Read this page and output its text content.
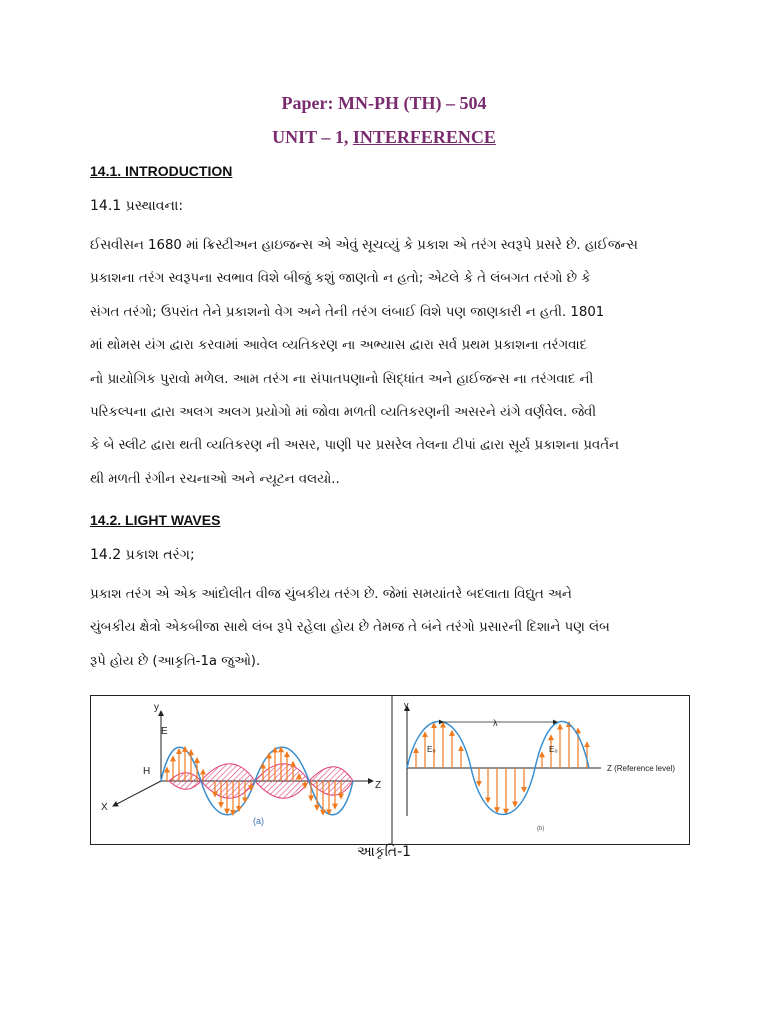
Paper: MN-PH (TH) – 504
UNIT – 1, INTERFERENCE
14.1. INTRODUCTION
14.1 પ્રસ્થાવના:
ઈસવીસન 1680 માં ક્રિસ્ટીઅન હાઇજન્સ એ એવું સૂચવ્યું કે પ્રકાશ એ તરંગ સ્વરૂપે પ્રસરે છે. હાઈજન્સ
પ્રકાશના તરંગ સ્વરૂપના સ્વભાવ વિશે બીજું કશું જાણતો ન હતો; એટલે કે તે લંબગત તરંગો છે કે
સંગત તરંગો; ઉપરાંત તેને પ્રકાશનો વેગ અને તેની તરંગ લંબાઈ વિશે પણ જાણકારી ન હતી. 1801
માં થોમસ યંગ દ્વારા કરવામાં આવેલ વ્યતિકરણ ના અભ્યાસ દ્વારા સર્વ પ્રથમ પ્રકાશના તરંગવાદ
નો પ્રાયોગિક પુરાવો મળેલ. આમ તરંગ ના સંપાતપણાનો સિદ્ધાંત અને હાઈજન્સ ના તરંગવાદ ની
પરિકલ્પના દ્વારા અલગ અલગ પ્રયોગો માં જોવા મળતી વ્યતિકરણની અસરને યંગે વર્ણવેલ. જેવી
કે બે સ્લીટ દ્વારા થતી વ્યતિકરણ ની અસર, પાણી પર પ્રસરેલ તેલના ટીપાં દ્વારા સૂર્ય પ્રકાશના પ્રવર્તન
થી મળતી રંગીન રચનાઓ અને ન્યૂટન વલયો..
14.2. LIGHT WAVES
14.2 પ્રકાશ તરંગ;
પ્રકાશ તરંગ એ એક આંદોલીત વીજ ચુંબકીય તરંગ છે. જેમાં સમયાંતરે બદલાતા વિદ્યુત અને
ચુંબકીય ક્ષેત્રો એકબીજા સાથે લંબ રૂપે રહેલા હોય છે તેમજ તે બંને તરંગો પ્રસારની દિશાને પણ લંબ
રૂપે હોય છે (આકૃતિ-1a જુઓ).
y
E
H
Z
X
(a)
y
λ
E₀	E₀
Z (Reference level)
(b)
આકૃતિ-1
